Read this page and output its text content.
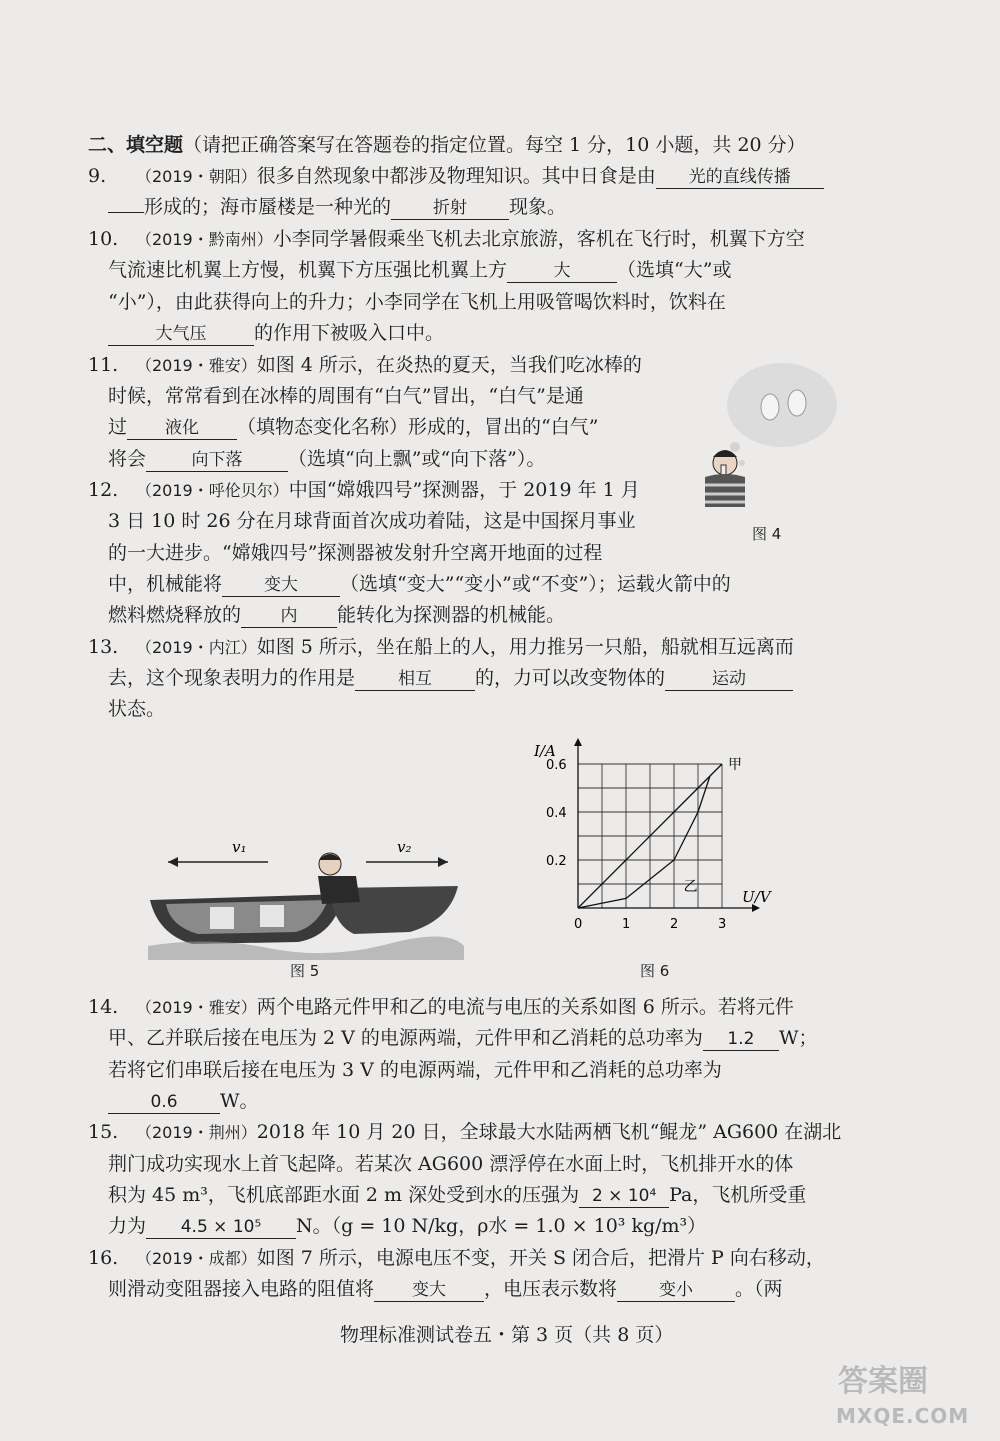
二、填空题（请把正确答案写在答题卷的指定位置。每空 1 分，10 小题，共 20 分）
9. （2019・朝阳）很多自然现象中都涉及物理知识。其中日食是由 光的直线传播
形成的；海市蜃楼是一种光的 折射 现象。
10. （2019・黔南州）小李同学暑假乘坐飞机去北京旅游，客机在飞行时，机翼下方空
气流速比机翼上方慢，机翼下方压强比机翼上方	大 （选填“大”或
“小”），由此获得向上的升力；小李同学在飞机上用吸管喝饮料时，饮料在
大气压	的作用下被吸入口中。
11. （2019・雅安）如图 4 所示，在炎热的夏天，当我们吃冰棒的
时候，常常看到在冰棒的周围有“白气”冒出，“白气”是通
过 液化 （填物态变化名称）形成的，冒出的“白气”
将会	向下落 （选填“向上飘”或“向下落”）。
12. （2019・呼伦贝尔）中国“嫦娥四号”探测器，于 2019 年 1 月
3 日 10 时 26 分在月球背面首次成功着陆，这是中国探月事业
的一大进步。“嫦娥四号”探测器被发射升空离开地面的过程
中，机械能将 变大 （选填“变大”“变小”或“不变”）；运载火箭中的
燃料燃烧释放的 内 能转化为探测器的机械能。
13. （2019・内江）如图 5 所示，坐在船上的人，用力推另一只船，船就相互远离而
去，这个现象表明力的作用是	相互 的，力可以改变物体的	运动
状态。
图 4
v₁	v₂
图 5
I/A
U/V
0	1	2	3
0.2
0.4
0.6	甲
乙
图 6
14. （2019・雅安）两个电路元件甲和乙的电流与电压的关系如图 6 所示。若将元件
甲、乙并联后接在电压为 2 V 的电源两端，元件甲和乙消耗的总功率为 1.2 W；
若将它们串联后接在电压为 3 V 的电源两端，元件甲和乙消耗的总功率为
0.6 W。
15. （2019・荆州）2018 年 10 月 20 日，全球最大水陆两栖飞机“鲲龙” AG600 在湖北
荆门成功实现水上首飞起降。若某次 AG600 漂浮停在水面上时，飞机排开水的体
积为 45 m³，飞机底部距水面 2 m 深处受到水的压强为 2 × 10⁴ Pa，飞机所受重
力为 4.5 × 10⁵ N。（g = 10 N/kg，ρ水 = 1.0 × 10³ kg/m³）
16. （2019・成都）如图 7 所示，电源电压不变，开关 S 闭合后，把滑片 P 向右移动，
则滑动变阻器接入电路的阻值将 变大 ，电压表示数将 变小 。（两
物理标准测试卷五・第 3 页（共 8 页）
答案圈
MXQE.COM
